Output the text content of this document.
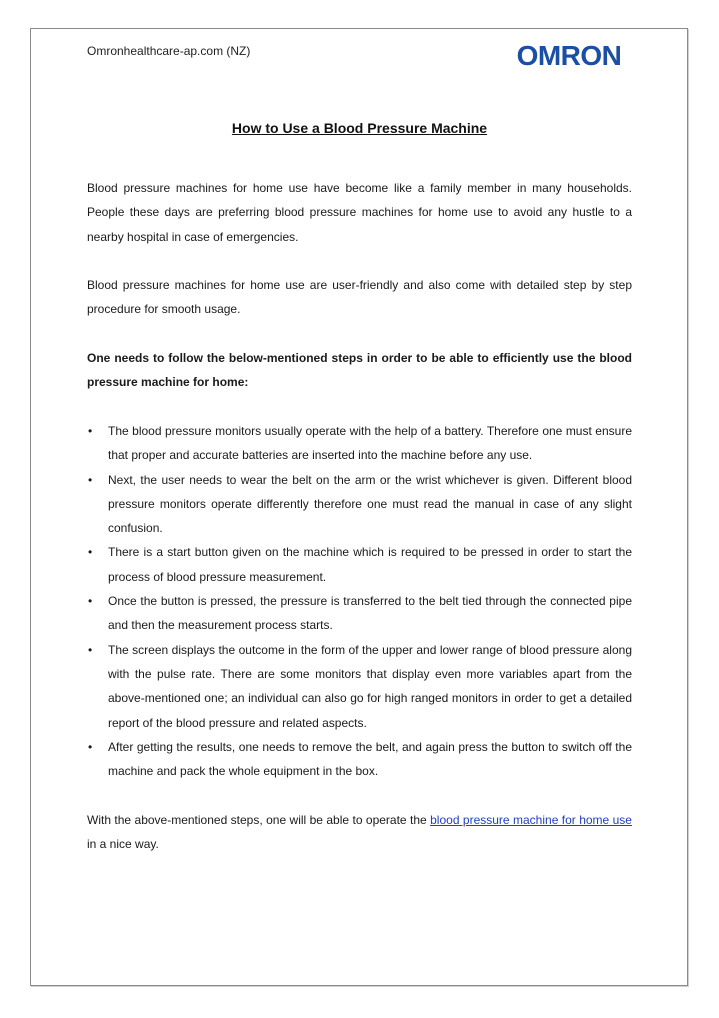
Omronhealthcare-ap.com (NZ)	OMRON
How to Use a Blood Pressure Machine

Blood pressure machines for home use have become like a family member in many households. People these days are preferring blood pressure machines for home use to avoid any hustle to a nearby hospital in case of emergencies.

Blood pressure machines for home use are user-friendly and also come with detailed step by step procedure for smooth usage.

One needs to follow the below-mentioned steps in order to be able to efficiently use the blood pressure machine for home:

• The blood pressure monitors usually operate with the help of a battery. Therefore one must ensure that proper and accurate batteries are inserted into the machine before any use.
• Next, the user needs to wear the belt on the arm or the wrist whichever is given. Different blood pressure monitors operate differently therefore one must read the manual in case of any slight confusion.
• There is a start button given on the machine which is required to be pressed in order to start the process of blood pressure measurement.
• Once the button is pressed, the pressure is transferred to the belt tied through the connected pipe and then the measurement process starts.
• The screen displays the outcome in the form of the upper and lower range of blood pressure along with the pulse rate. There are some monitors that display even more variables apart from the above-mentioned one; an individual can also go for high ranged monitors in order to get a detailed report of the blood pressure and related aspects.
• After getting the results, one needs to remove the belt, and again press the button to switch off the machine and pack the whole equipment in the box.

With the above-mentioned steps, one will be able to operate the blood pressure machine for home use in a nice way.
